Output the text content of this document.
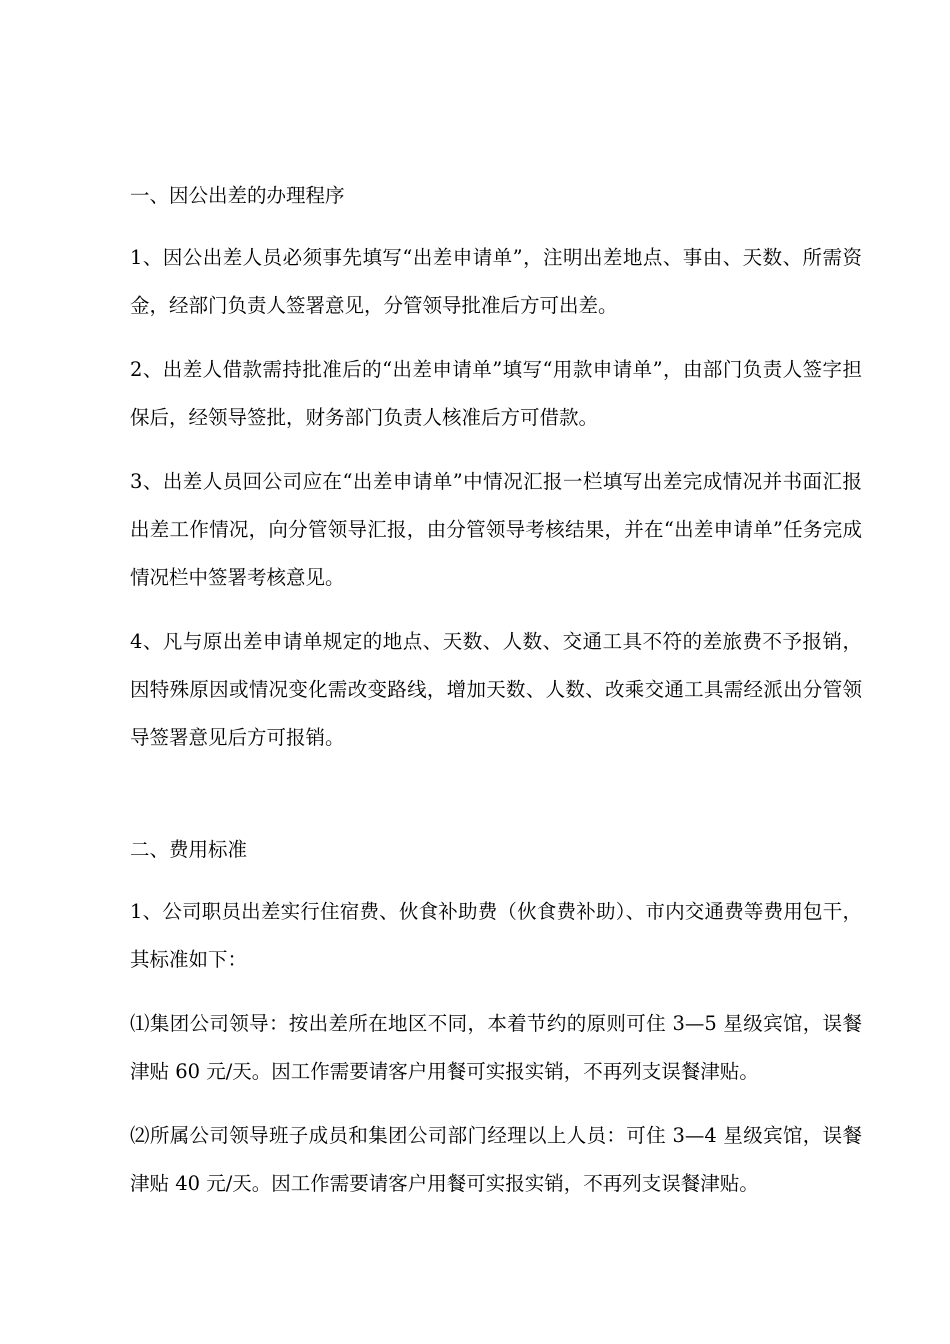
一、因公出差的办理程序

1、因公出差人员必须事先填写“出差申请单”，注明出差地点、事由、天数、所需资金，经部门负责人签署意见，分管领导批准后方可出差。

2、出差人借款需持批准后的“出差申请单”填写“用款申请单”，由部门负责人签字担保后，经领导签批，财务部门负责人核准后方可借款。

3、出差人员回公司应在“出差申请单”中情况汇报一栏填写出差完成情况并书面汇报出差工作情况，向分管领导汇报，由分管领导考核结果，并在“出差申请单”任务完成情况栏中签署考核意见。

4、凡与原出差申请单规定的地点、天数、人数、交通工具不符的差旅费不予报销，因特殊原因或情况变化需改变路线，增加天数、人数、改乘交通工具需经派出分管领导签署意见后方可报销。

二、费用标准

1、公司职员出差实行住宿费、伙食补助费（伙食费补助）、市内交通费等费用包干，其标准如下：

⑴集团公司领导：按出差所在地区不同，本着节约的原则可住 3—5 星级宾馆，误餐津贴 60 元/天。因工作需要请客户用餐可实报实销，不再列支误餐津贴。

⑵所属公司领导班子成员和集团公司部门经理以上人员：可住 3—4 星级宾馆，误餐津贴 40 元/天。因工作需要请客户用餐可实报实销，不再列支误餐津贴。
